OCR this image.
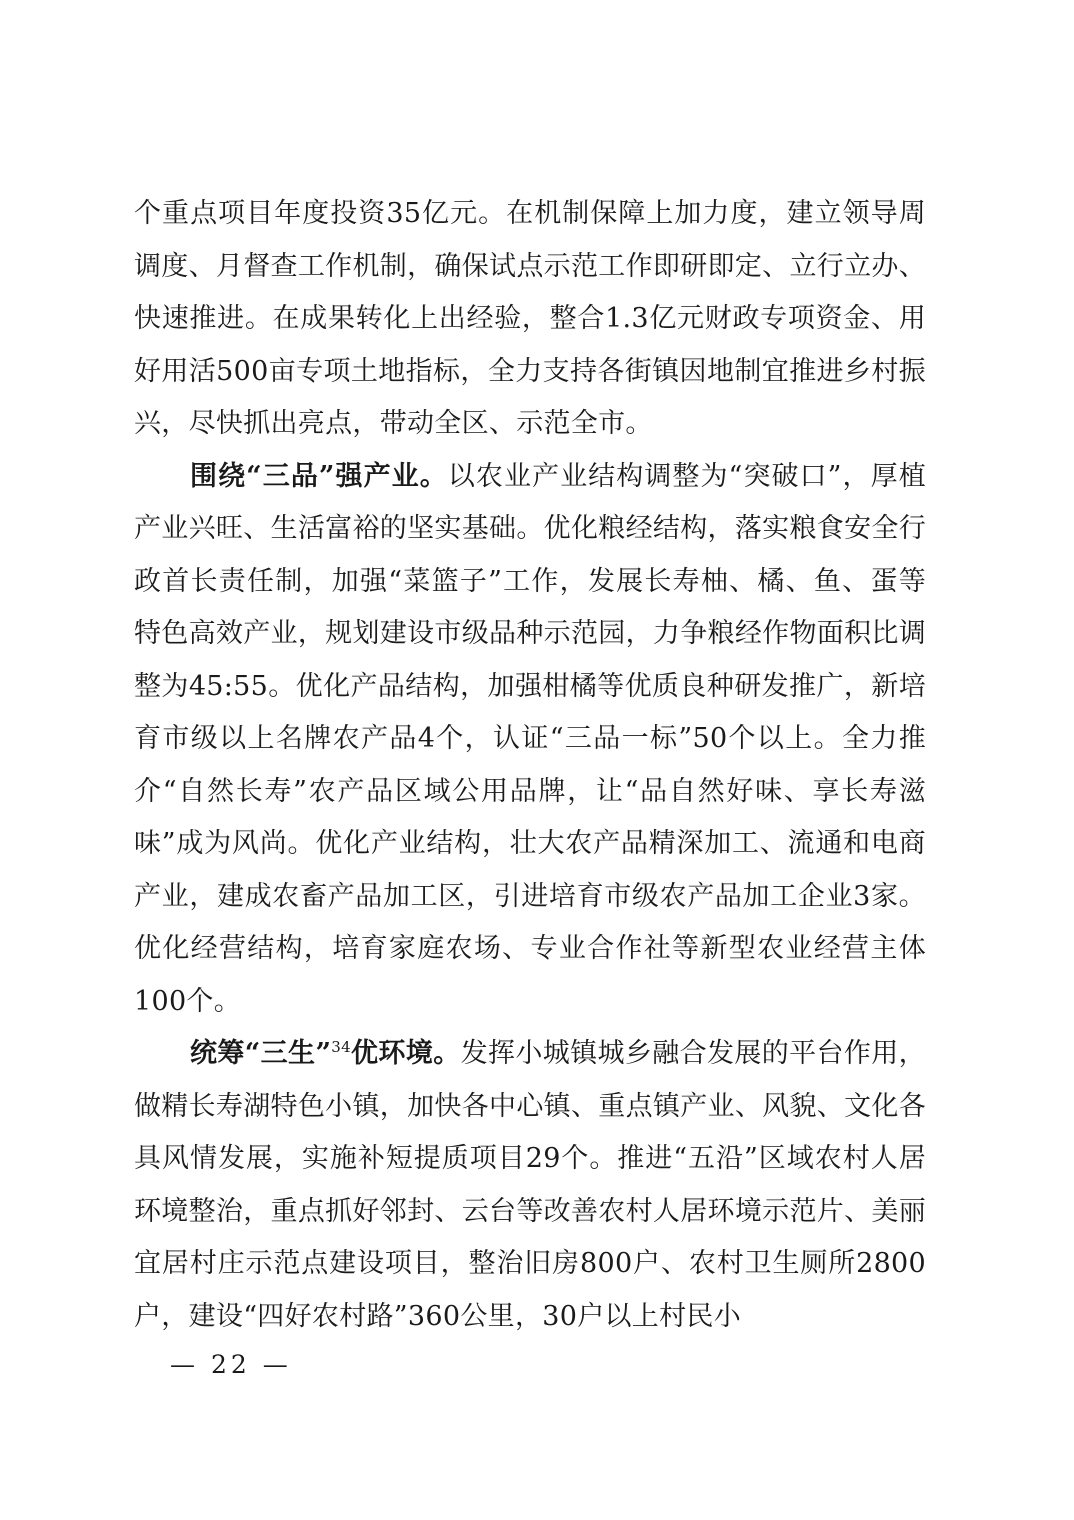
个重点项目年度投资35亿元。在机制保障上加力度，建立领导周调度、月督查工作机制，确保试点示范工作即研即定、立行立办、快速推进。在成果转化上出经验，整合1.3亿元财政专项资金、用好用活500亩专项土地指标，全力支持各街镇因地制宜推进乡村振兴，尽快抓出亮点，带动全区、示范全市。

围绕“三品”强产业。以农业产业结构调整为“突破口”，厚植产业兴旺、生活富裕的坚实基础。优化粮经结构，落实粮食安全行政首长责任制，加强“菜篮子”工作，发展长寿柚、橘、鱼、蛋等特色高效产业，规划建设市级品种示范园，力争粮经作物面积比调整为45:55。优化产品结构，加强柑橘等优质良种研发推广，新培育市级以上名牌农产品4个，认证“三品一标”50个以上。全力推介“自然长寿”农产品区域公用品牌，让“品自然好味、享长寿滋味”成为风尚。优化产业结构，壮大农产品精深加工、流通和电商产业，建成农畜产品加工区，引进培育市级农产品加工企业3家。优化经营结构，培育家庭农场、专业合作社等新型农业经营主体100个。

统筹“三生”$^{34}$优环境。发挥小城镇城乡融合发展的平台作用，做精长寿湖特色小镇，加快各中心镇、重点镇产业、风貌、文化各具风情发展，实施补短提质项目29个。推进“五沿”区域农村人居环境整治，重点抓好邻封、云台等改善农村人居环境示范片、美丽宜居村庄示范点建设项目，整治旧房800户、农村卫生厕所2800户，建设“四好农村路”360公里，30户以上村民小

— 22 —
